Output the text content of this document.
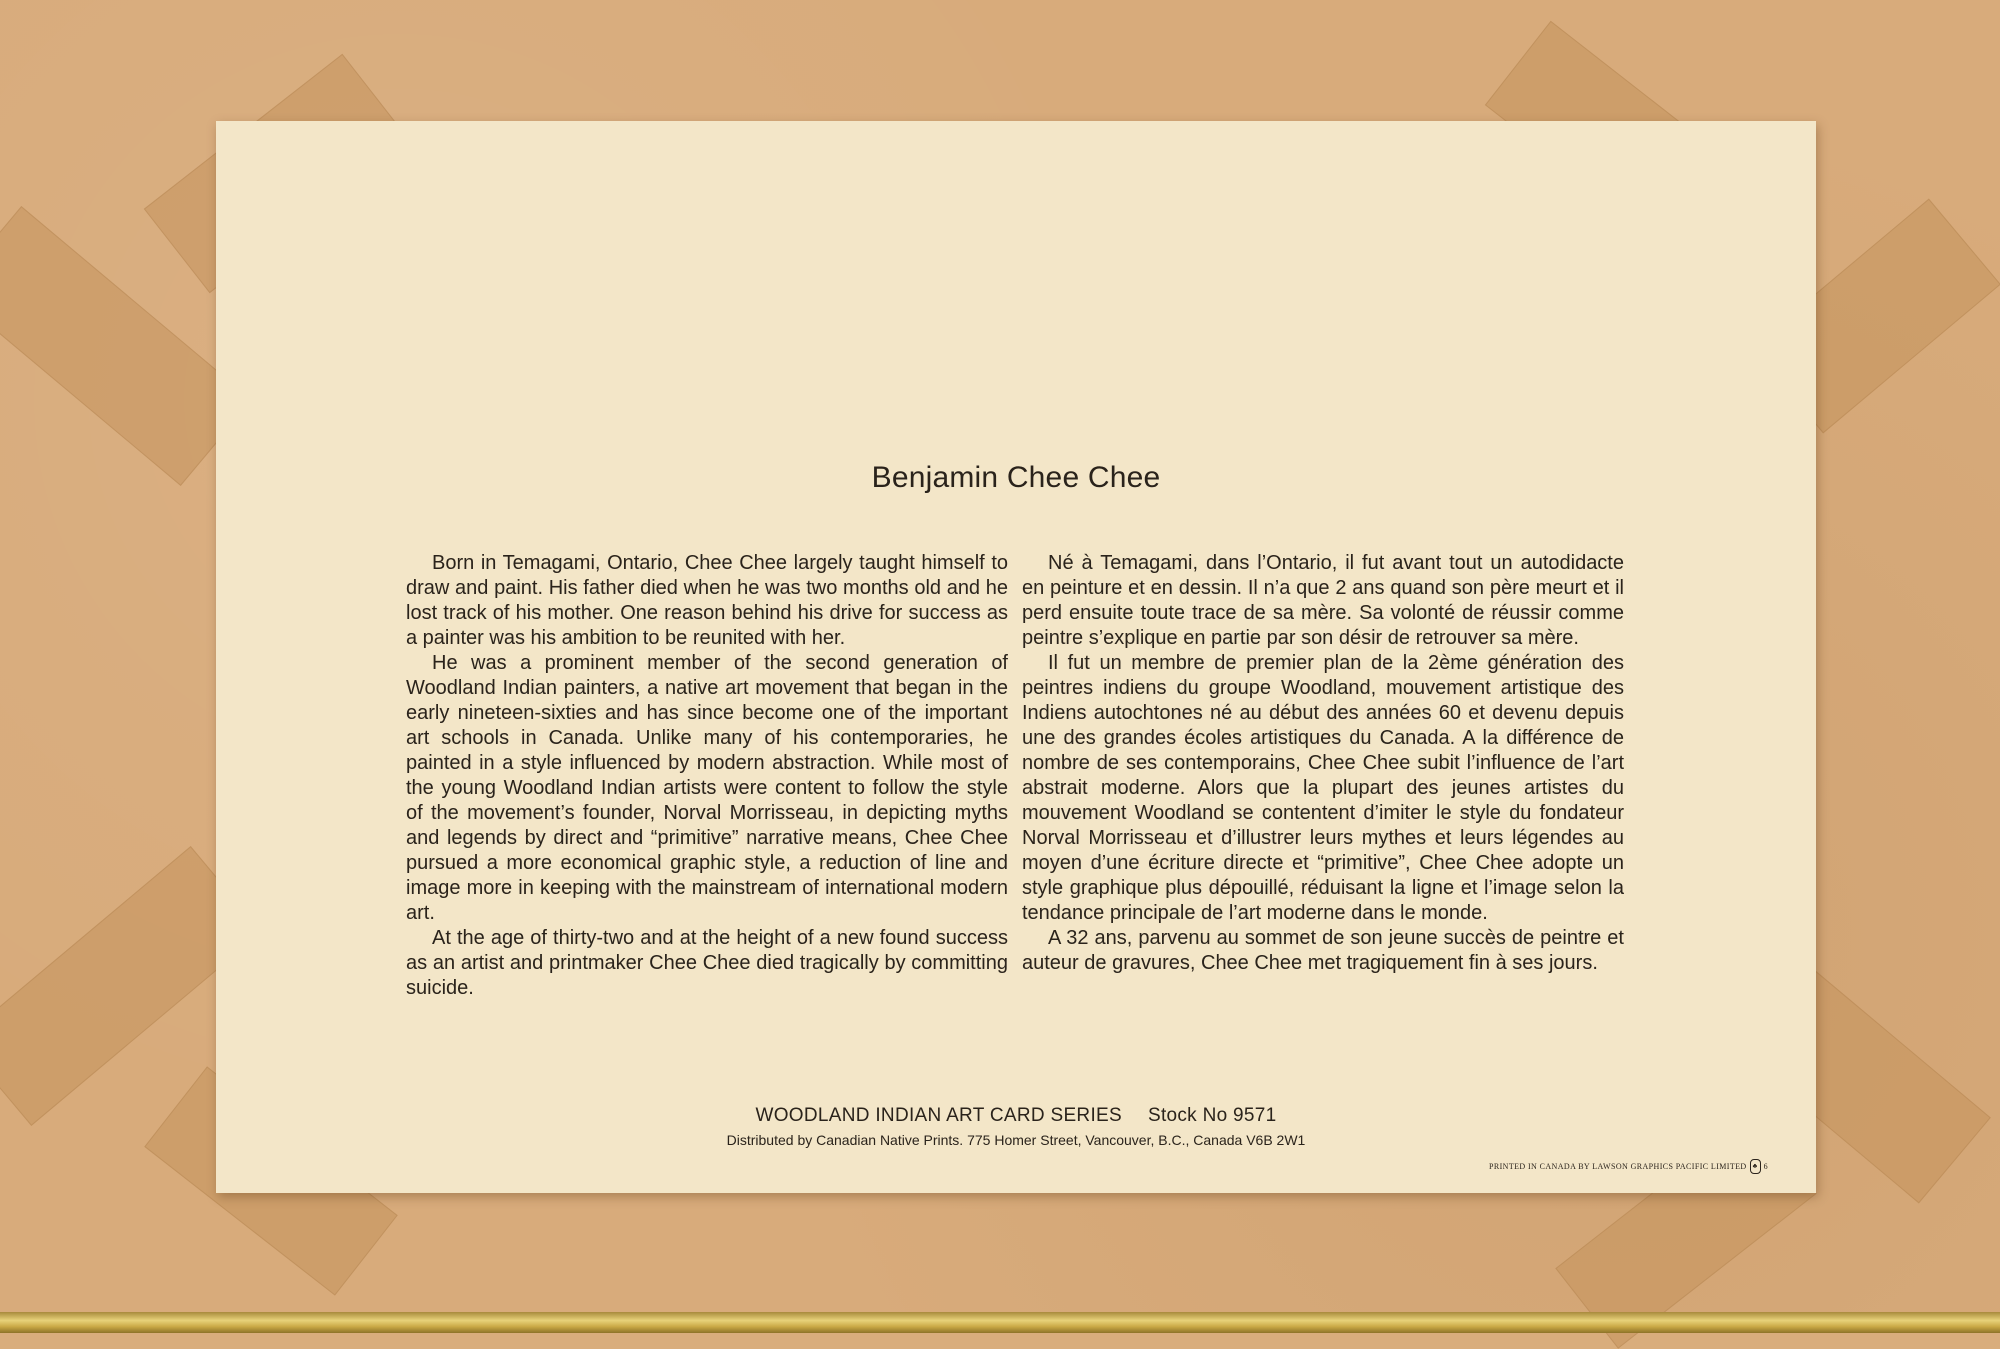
Benjamin Chee Chee

Born in Temagami, Ontario, Chee Chee largely taught himself to draw and paint. His father died when he was two months old and he lost track of his mother. One reason behind his drive for success as a painter was his ambition to be reunited with her.

He was a prominent member of the second generation of Woodland Indian painters, a native art movement that began in the early nineteen-sixties and has since become one of the important art schools in Canada. Unlike many of his contemporaries, he painted in a style influenced by modern abstraction. While most of the young Woodland Indian artists were content to follow the style of the movement’s founder, Norval Morrisseau, in depicting myths and legends by direct and “primitive” narrative means, Chee Chee pursued a more economical graphic style, a reduction of line and image more in keeping with the mainstream of international modern art.

At the age of thirty-two and at the height of a new found success as an artist and printmaker Chee Chee died tragically by committing suicide.

Né à Temagami, dans l’Ontario, il fut avant tout un autodidacte en peinture et en dessin. Il n’a que 2 ans quand son père meurt et il perd ensuite toute trace de sa mère. Sa volonté de réussir comme peintre s’explique en partie par son désir de retrouver sa mère.

Il fut un membre de premier plan de la 2ème génération des peintres indiens du groupe Woodland, mouvement artistique des Indiens autochtones né au début des années 60 et devenu depuis une des grandes écoles artistiques du Canada. A la différence de nombre de ses contemporains, Chee Chee subit l’influence de l’art abstrait moderne. Alors que la plupart des jeunes artistes du mouvement Woodland se contentent d’imiter le style du fondateur Norval Morrisseau et d’illustrer leurs mythes et leurs légendes au moyen d’une écriture directe et “primitive”, Chee Chee adopte un style graphique plus dépouillé, réduisant la ligne et l’image selon la tendance principale de l’art moderne dans le monde.

A 32 ans, parvenu au sommet de son jeune succès de peintre et auteur de gravures, Chee Chee met tragiquement fin à ses jours.

WOODLAND INDIAN ART CARD SERIES Stock No 9571
Distributed by Canadian Native Prints. 775 Homer Street, Vancouver, B.C., Canada V6B 2W1
PRINTED IN CANADA BY LAWSON GRAPHICS PACIFIC LIMITED ♣ 6
